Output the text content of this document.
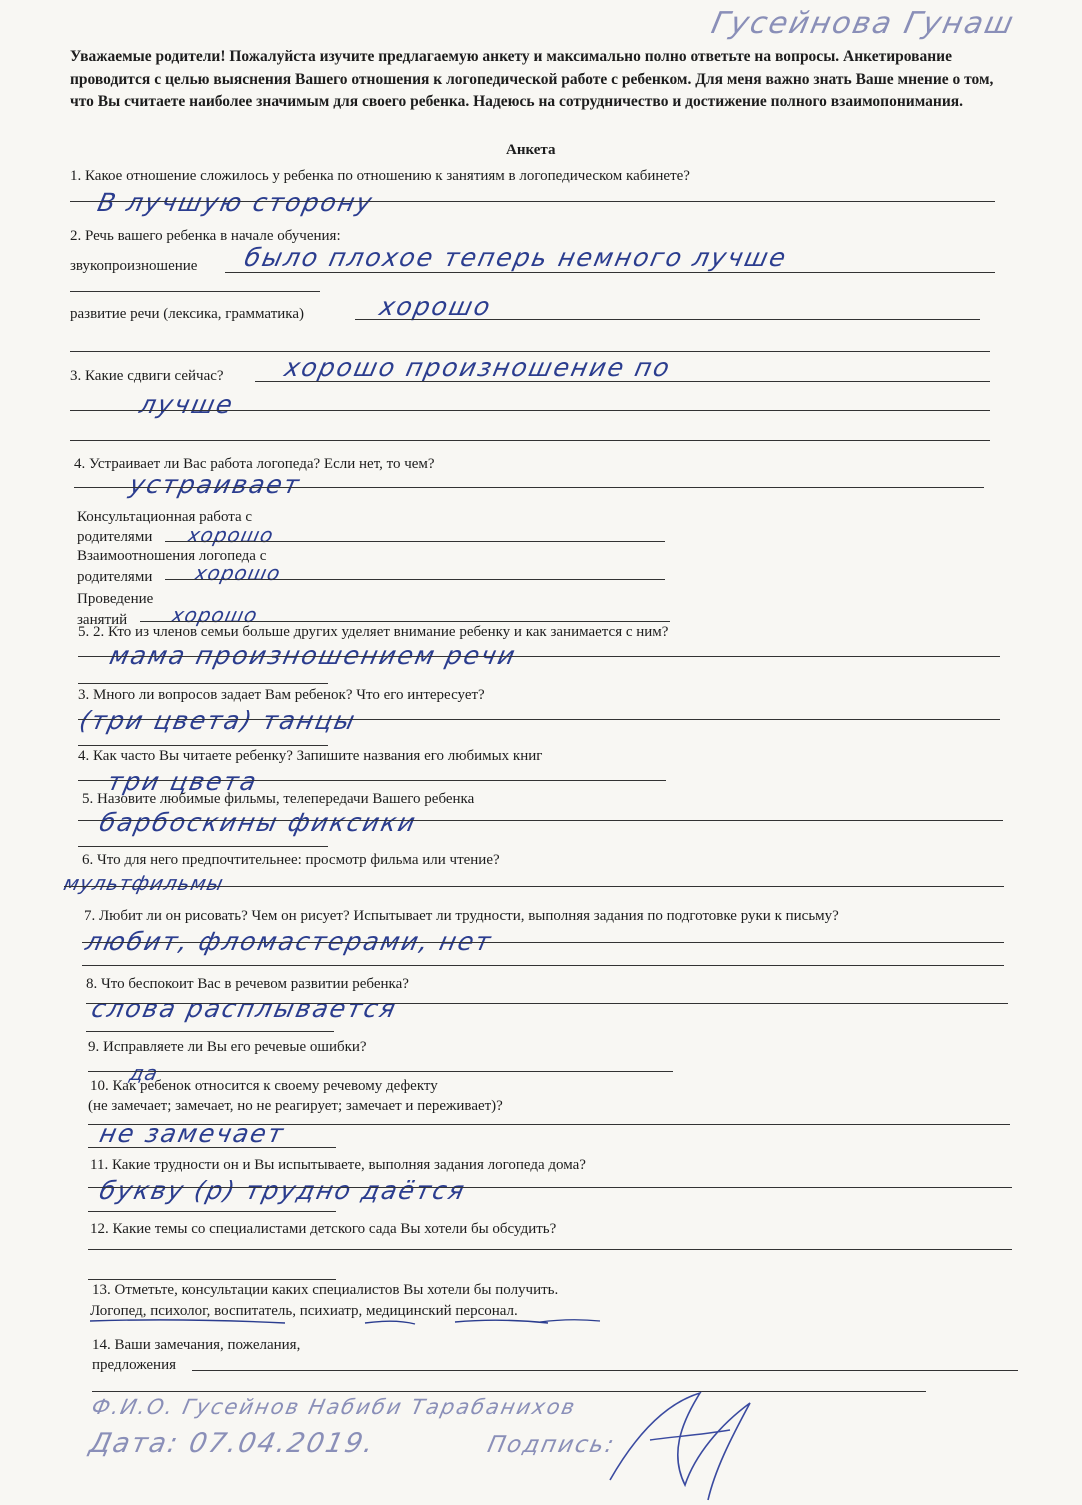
Гусейнова Гунаш
Уважаемые родители! Пожалуйста изучите предлагаемую анкету и максимально полно ответьте на вопросы. Анкетирование проводится с целью выяснения Вашего отношения к логопедической работе с ребенком. Для меня важно знать Ваше мнение о том, что Вы считаете наиболее значимым для своего ребенка. Надеюсь на сотрудничество и достижение полного взаимопонимания.
Анкета
1. Какое отношение сложилось у ребенка по отношению к занятиям в логопедическом кабинете?
В лучшую сторону
2. Речь вашего ребенка в начале обучения:
звукопроизношение было плохое теперь немного лучше
развитие речи (лексика, грамматика)	хорошо
3. Какие сдвиги сейчас? хорошо произношение по
лучше
4. Устраивает ли Вас работа логопеда? Если нет, то чем?
устраивает
Консультационная работа с
родителями хорошо
Взаимоотношения логопеда с
родителями хорошо
Проведение
занятий хорошо
5. 2. Кто из членов семьи больше других уделяет внимание ребенку и как занимается с ним?
мама произношением речи
3. Много ли вопросов задает Вам ребенок? Что его интересует?
(три цвета) танцы
4. Как часто Вы читаете ребенку? Запишите названия его любимых книг
три цвета
5. Назовите любимые фильмы, телепередачи Вашего ребенка
барбоскины фиксики
6. Что для него предпочтительнее: просмотр фильма или чтение?
мультфильмы
7. Любит ли он рисовать? Чем он рисует? Испытывает ли трудности, выполняя задания по подготовке руки к письму?
любит, фломастерами, нет
8. Что беспокоит Вас в речевом развитии ребенка?
слова расплывается
9. Исправляете ли Вы его речевые ошибки?
да
10. Как ребенок относится к своему речевому дефекту
(не замечает; замечает, но не реагирует; замечает и переживает)?
не замечает
11. Какие трудности он и Вы испытываете, выполняя задания логопеда дома?
букву (р) трудно даётся
12. Какие темы со специалистами детского сада Вы хотели бы обсудить?
13. Отметьте, консультации каких специалистов Вы хотели бы получить.
Логопед, психолог, воспитатель, психиатр, медицинский персонал.
14. Ваши замечания, пожелания,
предложения
Ф.И.О. Гусейнов Набиби Тарабанихов
Дата: 07.04.2019.	Подпись:
